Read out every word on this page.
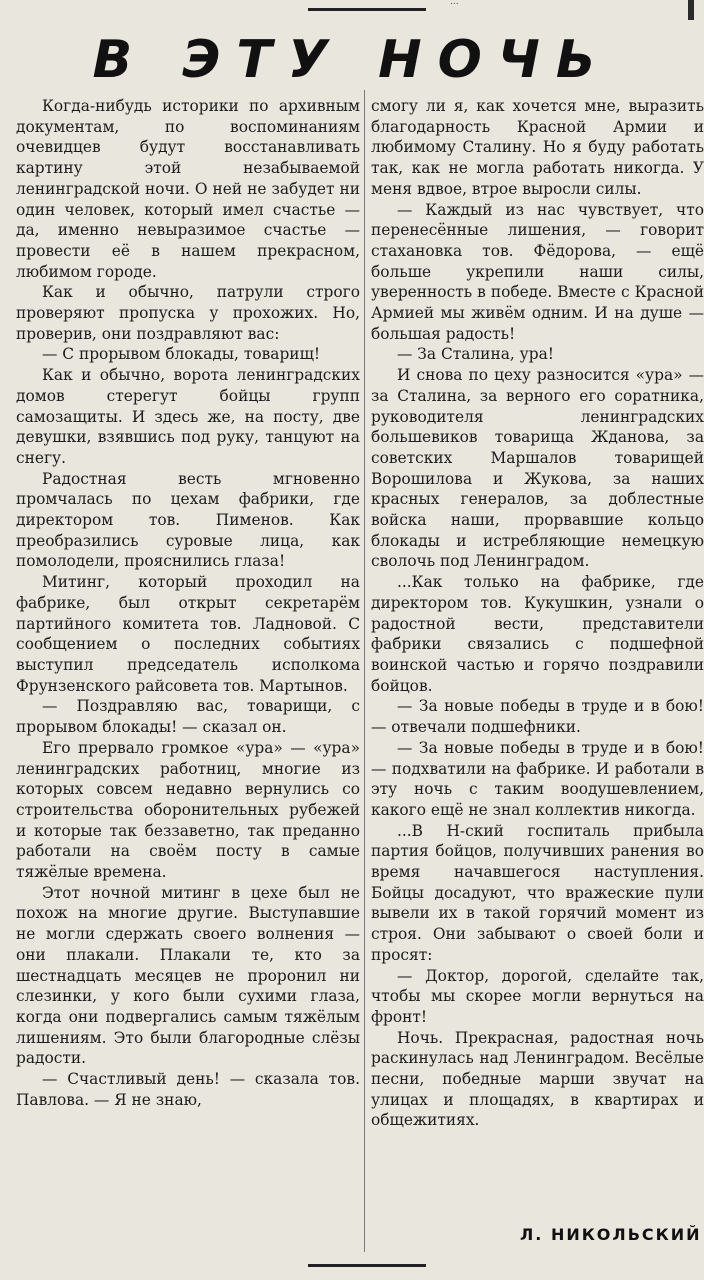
...
В ЭТУ НОЧЬ

Когда-нибудь историки по архивным документам, по воспоминаниям очевидцев будут восстанавливать картину этой незабываемой ленинградской ночи. О ней не забудет ни один человек, который имел счастье — да, именно невыразимое счастье — провести её в нашем прекрасном, любимом городе.

Как и обычно, патрули строго проверяют пропуска у прохожих. Но, проверив, они поздравляют вас:

— С прорывом блокады, товарищ!

Как и обычно, ворота ленинградских домов стерегут бойцы групп самозащиты. И здесь же, на посту, две девушки, взявшись под руку, танцуют на снегу.

Радостная весть мгновенно промчалась по цехам фабрики, где директором тов. Пименов. Как преобразились суровые лица, как помолодели, прояснились глаза!

Митинг, который проходил на фабрике, был открыт секретарём партийного комитета тов. Ладновой. С сообщением о последних событиях выступил председатель исполкома Фрунзенского райсовета тов. Мартынов.

— Поздравляю вас, товарищи, с прорывом блокады! — сказал он.

Его прервало громкое «ура» — «ура» ленинградских работниц, многие из которых совсем недавно вернулись со строительства оборонительных рубежей и которые так беззаветно, так преданно работали на своём посту в самые тяжёлые времена.

Этот ночной митинг в цехе был не похож на многие другие. Выступавшие не могли сдержать своего волнения — они плакали. Плакали те, кто за шестнадцать месяцев не проронил ни слезинки, у кого были сухими глаза, когда они подвергались самым тяжёлым лишениям. Это были благородные слёзы радости.

— Счастливый день! — сказала тов. Павлова. — Я не знаю,

смогу ли я, как хочется мне, выразить благодарность Красной Армии и любимому Сталину. Но я буду работать так, как не могла работать никогда. У меня вдвое, втрое выросли силы.

— Каждый из нас чувствует, что перенесённые лишения, — говорит стахановка тов. Фёдорова, — ещё больше укрепили наши силы, уверенность в победе. Вместе с Красной Армией мы живём одним. И на душе — большая радость!

— За Сталина, ура!

И снова по цеху разносится «ура» — за Сталина, за верного его соратника, руководителя ленинградских большевиков товарища Жданова, за советских Маршалов товарищей Ворошилова и Жукова, за наших красных генералов, за доблестные войска наши, прорвавшие кольцо блокады и истребляющие немецкую сволочь под Ленинградом.

...Как только на фабрике, где директором тов. Кукушкин, узнали о радостной вести, представители фабрики связались с подшефной воинской частью и горячо поздравили бойцов.

— За новые победы в труде и в бою! — отвечали подшефники.

— За новые победы в труде и в бою! — подхватили на фабрике. И работали в эту ночь с таким воодушевлением, какого ещё не знал коллектив никогда.

...В Н-ский госпиталь прибыла партия бойцов, получивших ранения во время начавшегося наступления. Бойцы досадуют, что вражеские пули вывели их в такой горячий момент из строя. Они забывают о своей боли и просят:

— Доктор, дорогой, сделайте так, чтобы мы скорее могли вернуться на фронт!

Ночь. Прекрасная, радостная ночь раскинулась над Ленинградом. Весёлые песни, победные марши звучат на улицах и площадях, в квартирах и общежитиях.

Л. НИКОЛЬСКИЙ
